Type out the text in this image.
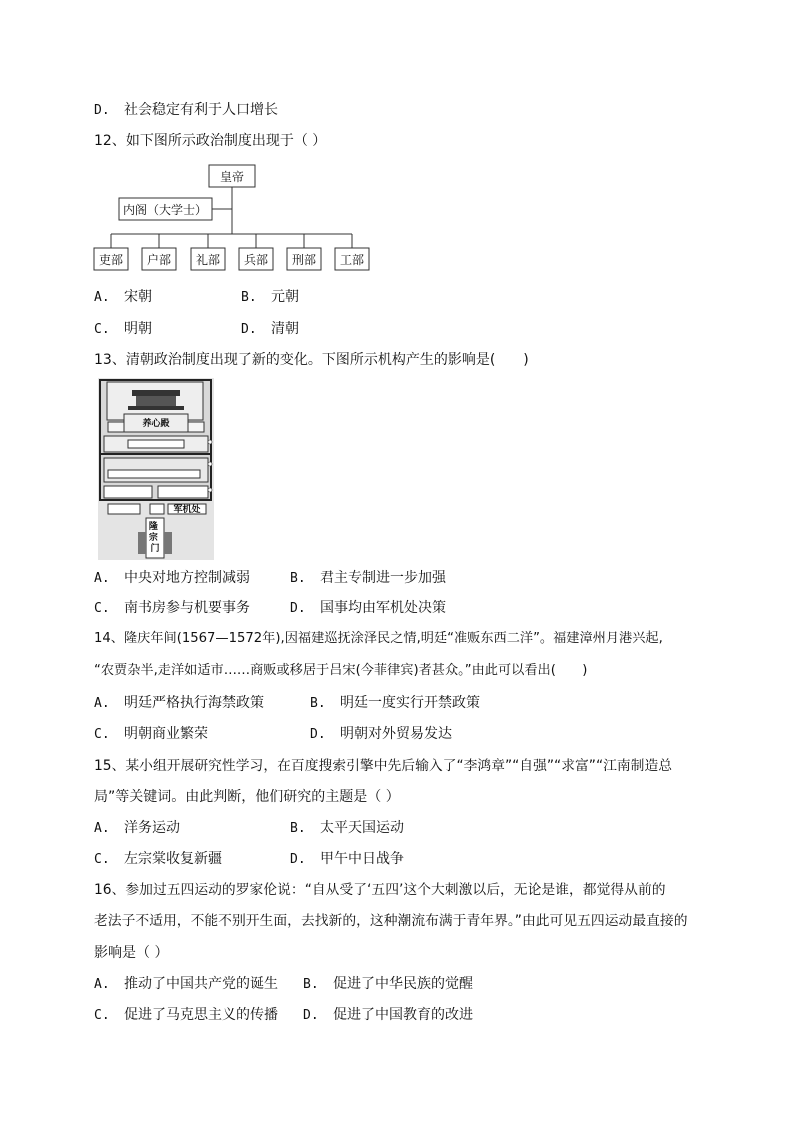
D. 社会稳定有利于人口增长
12、如下图所示政治制度出现于（ ）
皇帝
内阁（大学士）
吏部 户部 礼部 兵部 刑部 工部
A. 宋朝	B. 元朝
C. 明朝	D. 清朝
13、清朝政治制度出现了新的变化。下图所示机构产生的影响是(　　)
养心殿
军机处
隆 宗 门
A. 中央对地方控制减弱	B. 君主专制进一步加强
C. 南书房参与机要事务	D. 国事均由军机处决策
14、隆庆年间(1567—1572年),因福建巡抚涂泽民之情,明廷“准贩东西二洋”。福建漳州月港兴起,
“农贾杂半,走洋如适市……商贩或移居于吕宋(今菲律宾)者甚众。”由此可以看出(　　)
A. 明廷严格执行海禁政策	B. 明廷一度实行开禁政策
C. 明朝商业繁荣	D. 明朝对外贸易发达
15、某小组开展研究性学习，在百度搜索引擎中先后输入了“李鸿章”“自强”“求富”“江南制造总
局”等关键词。由此判断，他们研究的主题是（ ）
A. 洋务运动	B. 太平天国运动
C. 左宗棠收复新疆	D. 甲午中日战争
16、参加过五四运动的罗家伦说：“自从受了‘五四’这个大刺激以后，无论是谁，都觉得从前的
老法子不适用，不能不别开生面，去找新的，这种潮流布满于青年界。”由此可见五四运动最直接的
影响是（ ）
A. 推动了中国共产党的诞生 B. 促进了中华民族的觉醒
C. 促进了马克思主义的传播 D. 促进了中国教育的改进
